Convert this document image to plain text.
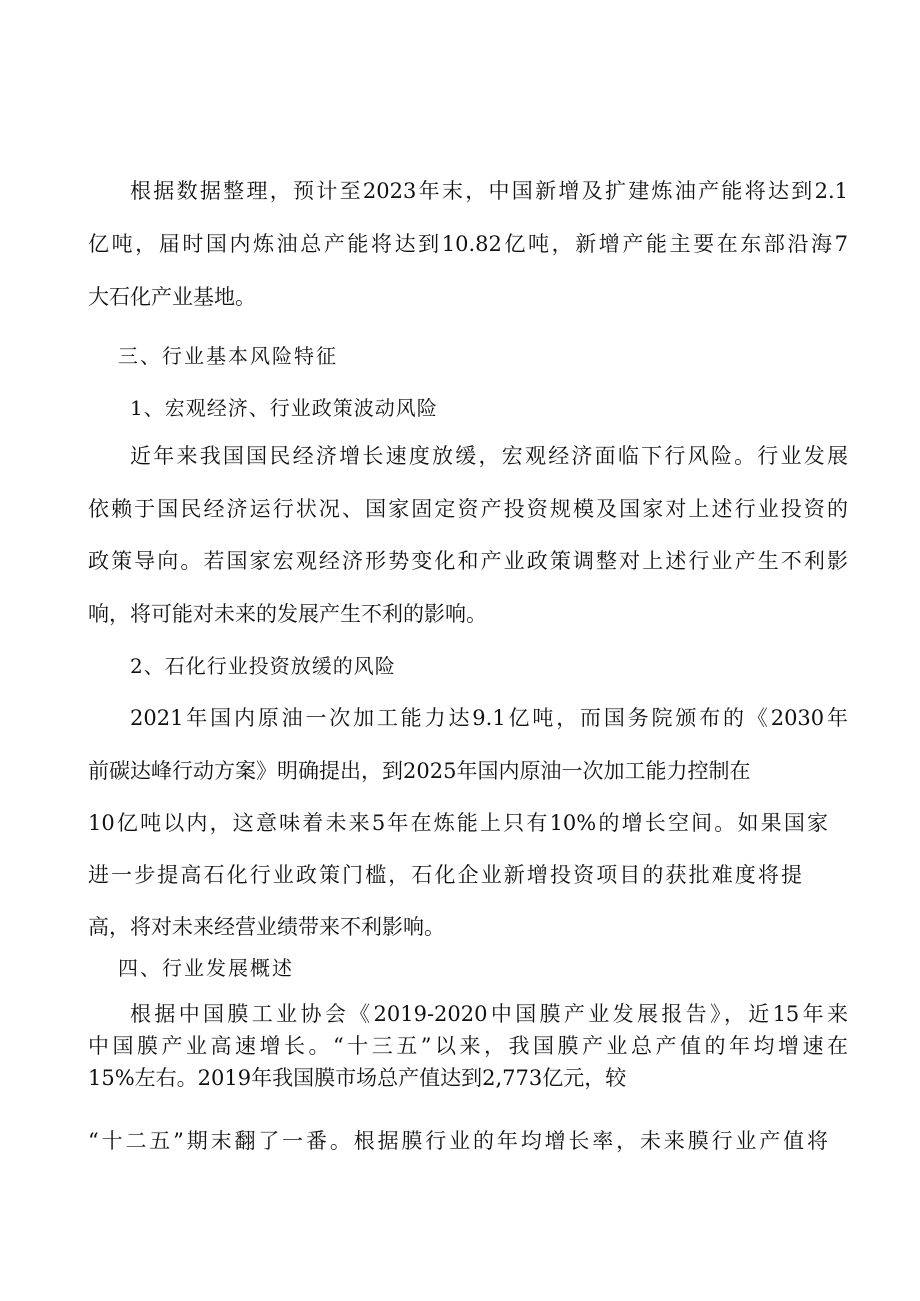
根据数据整理，预计至2023年末，中国新增及扩建炼油产能将达到2.1
亿吨，届时国内炼油总产能将达到10.82亿吨，新增产能主要在东部沿海7
大石化产业基地。
三、行业基本风险特征
1、宏观经济、行业政策波动风险
近年来我国国民经济增长速度放缓，宏观经济面临下行风险。行业发展
依赖于国民经济运行状况、国家固定资产投资规模及国家对上述行业投资的
政策导向。若国家宏观经济形势变化和产业政策调整对上述行业产生不利影
响，将可能对未来的发展产生不利的影响。
2、石化行业投资放缓的风险
2021年国内原油一次加工能力达9.1亿吨，而国务院颁布的《2030年
前碳达峰行动方案》明确提出，到2025年国内原油一次加工能力控制在
10亿吨以内，这意味着未来5年在炼能上只有10%的增长空间。如果国家
进一步提高石化行业政策门槛，石化企业新增投资项目的获批难度将提
高，将对未来经营业绩带来不利影响。
四、行业发展概述
根据中国膜工业协会《2019-2020中国膜产业发展报告》，近15年来
中国膜产业高速增长。“十三五”以来，我国膜产业总产值的年均增速在
15%左右。2019年我国膜市场总产值达到2,773亿元，较
“十二五”期末翻了一番。根据膜行业的年均增长率，未来膜行业产值将
